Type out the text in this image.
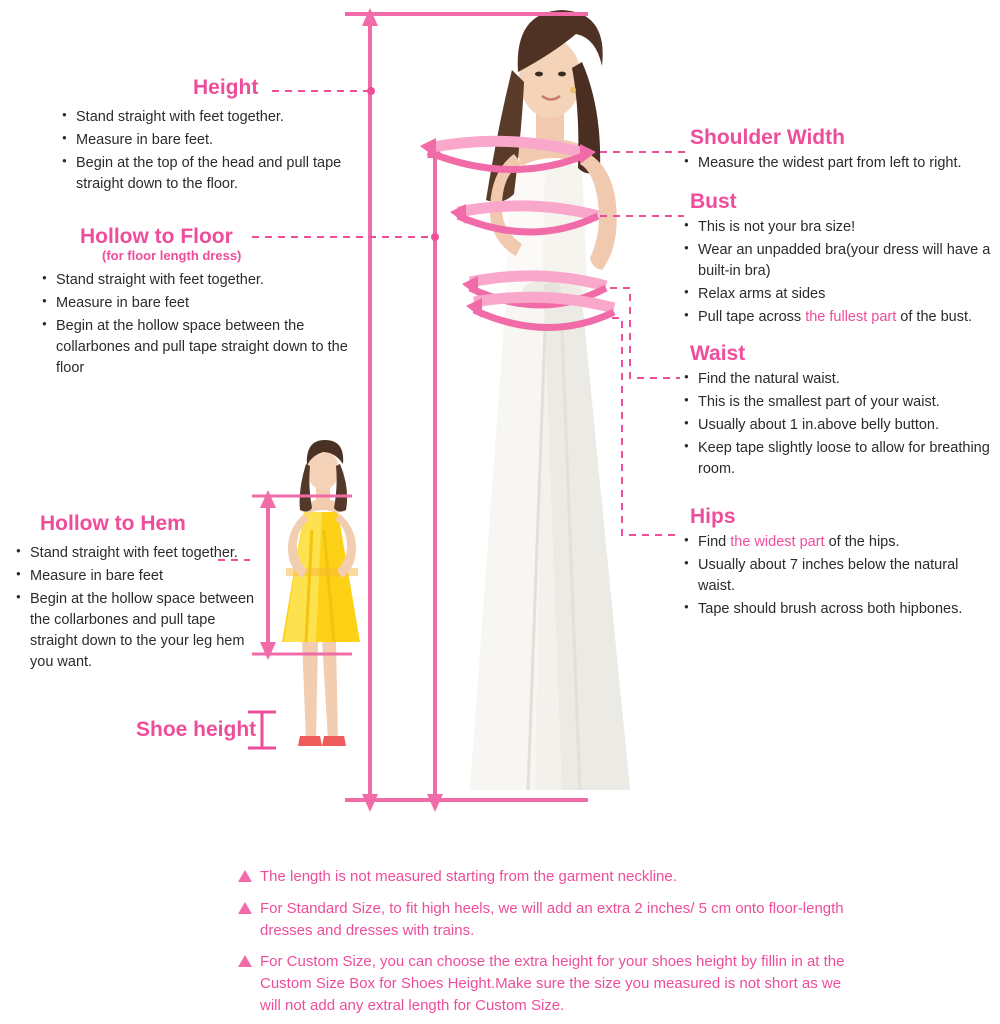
Height
● Stand straight with feet together.
● Measure in bare feet.
● Begin at the top of the head and pull tape straight down to the floor.
Hollow to Floor
(for floor length dress)
● Stand straight with feet together.
● Measure in bare feet
● Begin at the hollow space between the collarbones and pull tape straight down to the floor
Hollow to Hem
● Stand straight with feet together.
● Measure in bare feet
● Begin at the hollow space between the collarbones and pull tape straight down to the your leg hem you want.
Shoe height
Shoulder Width
● Measure the widest part from left to right.
Bust
● This is not your bra size!
● Wear an unpadded bra(your dress will have a built-in bra)
● Relax arms at sides
● Pull tape across the fullest part of the bust.
Waist
● Find the natural waist.
● This is the smallest part of your waist.
● Usually about 1 in.above belly button.
● Keep tape slightly loose to allow for breathing room.
Hips
● Find the widest part of the hips.
● Usually about 7 inches below the natural waist.
● Tape should brush across both hipbones.
The length is not measured starting from the garment neckline.
For Standard Size, to fit high heels, we will add an extra 2 inches/ 5 cm onto floor-length dresses and dresses with trains.
For Custom Size, you can choose the extra height for your shoes height by fillin in at the Custom Size Box for Shoes Height.Make sure the size you measured is not short as we will not add any extral length for Custom Size.
